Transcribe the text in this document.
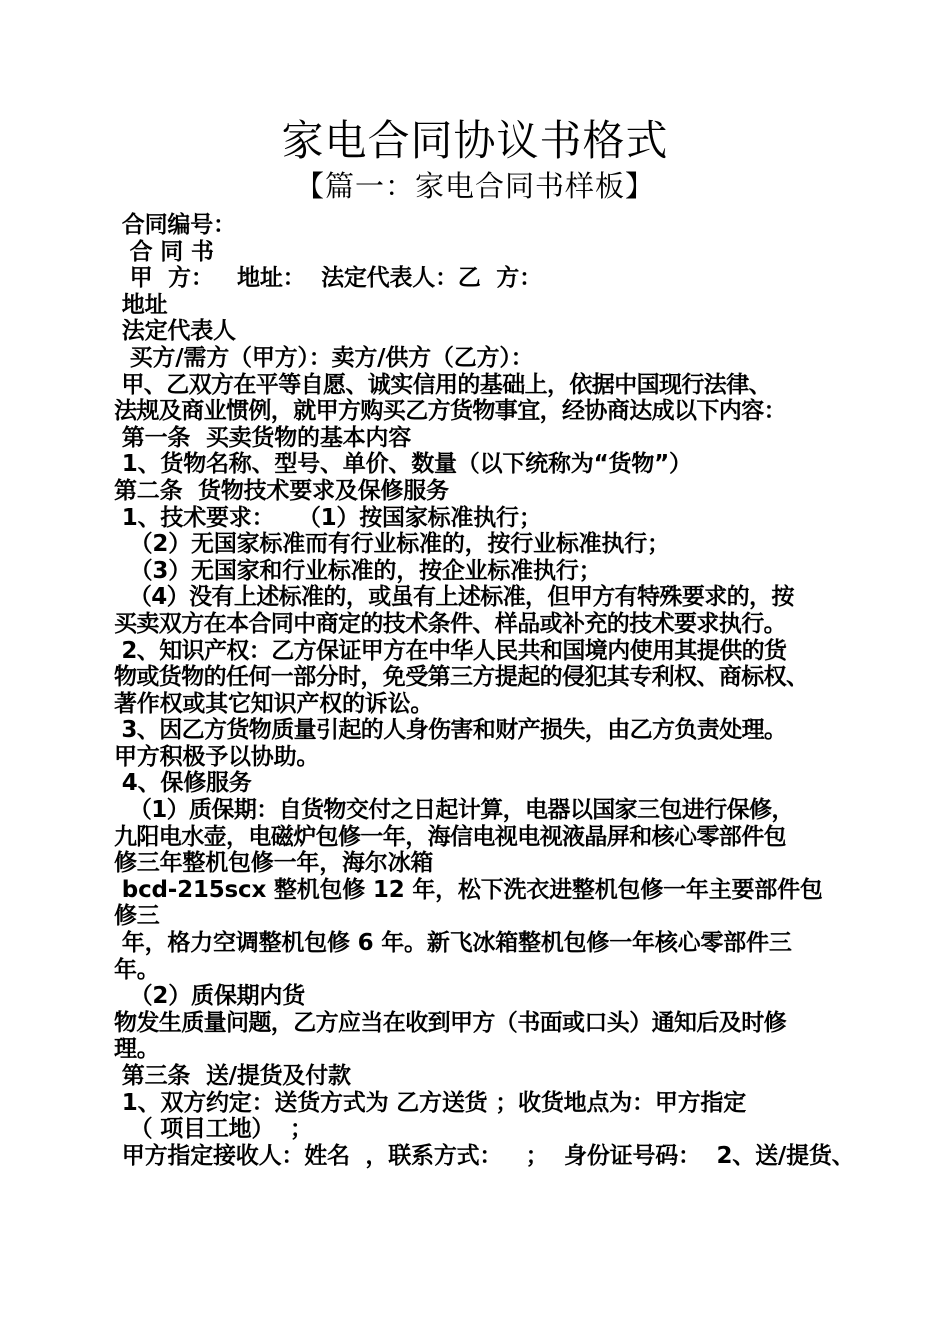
家电合同协议书格式
【篇一：家电合同书样板】
合同编号：
合 同 书
甲  方：   地址：  法定代表人：乙  方：
地址
法定代表人
买方/需方（甲方）：卖方/供方（乙方）：
甲、乙双方在平等自愿、诚实信用的基础上，依据中国现行法律、
法规及商业惯例，就甲方购买乙方货物事宜，经协商达成以下内容：
第一条  买卖货物的基本内容
1、货物名称、型号、单价、数量（以下统称为“货物”）
第二条  货物技术要求及保修服务
1、技术要求：   （1）按国家标准执行；
（2）无国家标准而有行业标准的，按行业标准执行；
（3）无国家和行业标准的，按企业标准执行；
（4）没有上述标准的，或虽有上述标准，但甲方有特殊要求的，按
买卖双方在本合同中商定的技术条件、样品或补充的技术要求执行。
2、知识产权：乙方保证甲方在中华人民共和国境内使用其提供的货
物或货物的任何一部分时，免受第三方提起的侵犯其专利权、商标权、
著作权或其它知识产权的诉讼。
3、因乙方货物质量引起的人身伤害和财产损失，由乙方负责处理。
甲方积极予以协助。
4、保修服务
（1）质保期：自货物交付之日起计算，电器以国家三包进行保修，
九阳电水壶，电磁炉包修一年，海信电视电视液晶屏和核心零部件包
修三年整机包修一年，海尔冰箱
bcd-215scx 整机包修 12 年，松下洗衣进整机包修一年主要部件包
修三
年，格力空调整机包修 6 年。新飞冰箱整机包修一年核心零部件三
年。
（2）质保期内货
物发生质量问题，乙方应当在收到甲方（书面或口头）通知后及时修
理。
第三条  送/提货及付款
1、双方约定：送货方式为 乙方送货 ；收货地点为：甲方指定
（ 项目工地）  ；
甲方指定接收人：姓名  ，联系方式：   ；  身份证号码：  2、送/提货、
